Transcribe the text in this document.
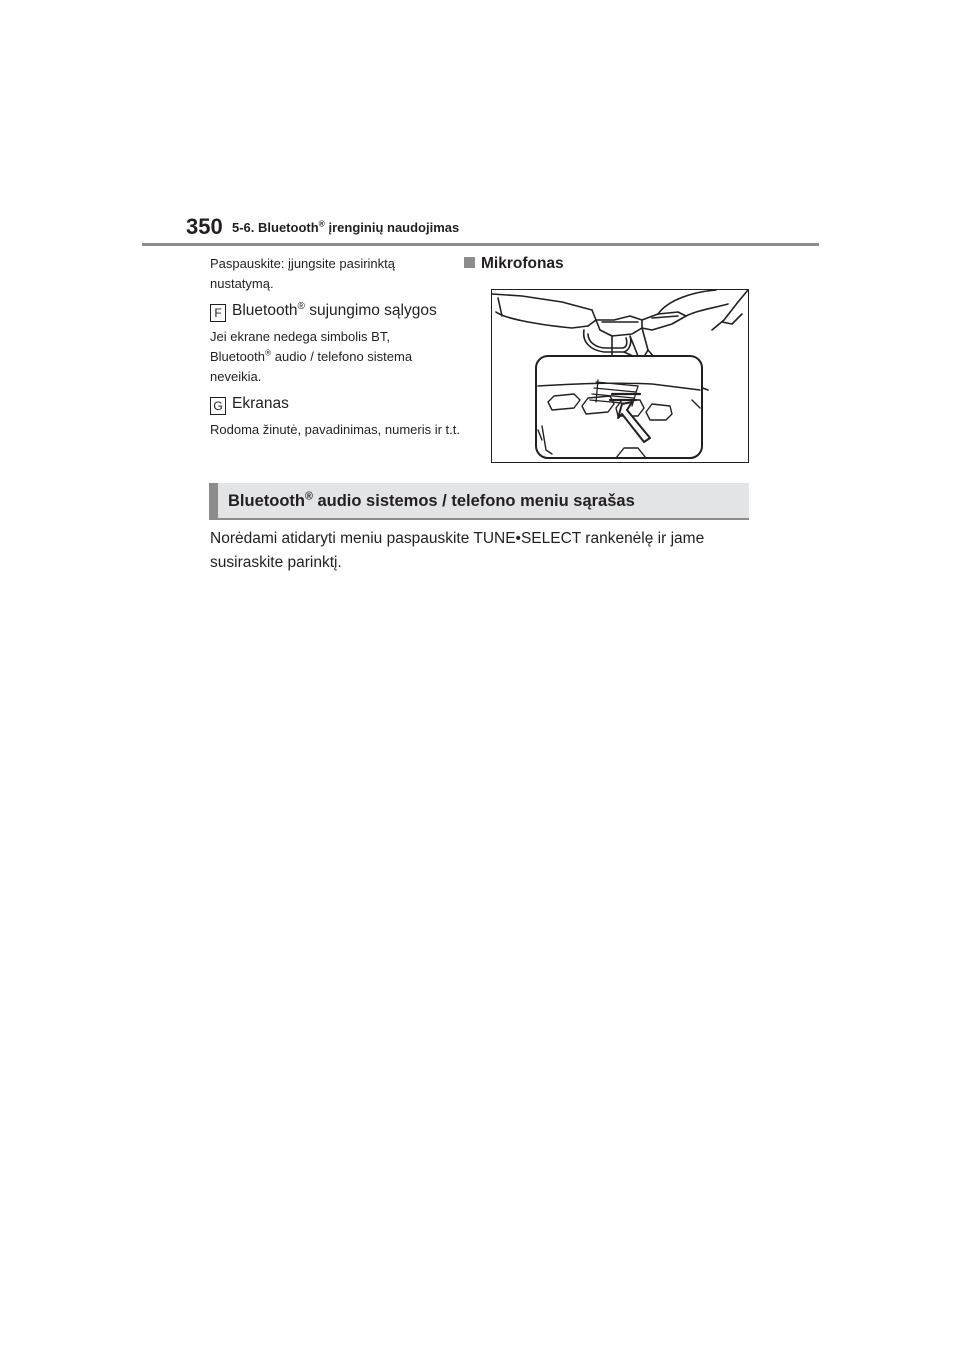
350 5-6. Bluetooth® įrenginių naudojimas
Paspauskite: įjungsite pasirinktą nustatymą.
F Bluetooth® sujungimo sąlygos
Jei ekrane nedega simbolis BT,
Bluetooth® audio / telefono sistema neveikia.
G Ekranas
Rodoma žinutė, pavadinimas, numeris ir t.t.
Mikrofonas
Bluetooth® audio sistemos / telefono meniu sąrašas
Norėdami atidaryti meniu paspauskite TUNE•SELECT rankenėlę ir jame susiraskite parinktį.
